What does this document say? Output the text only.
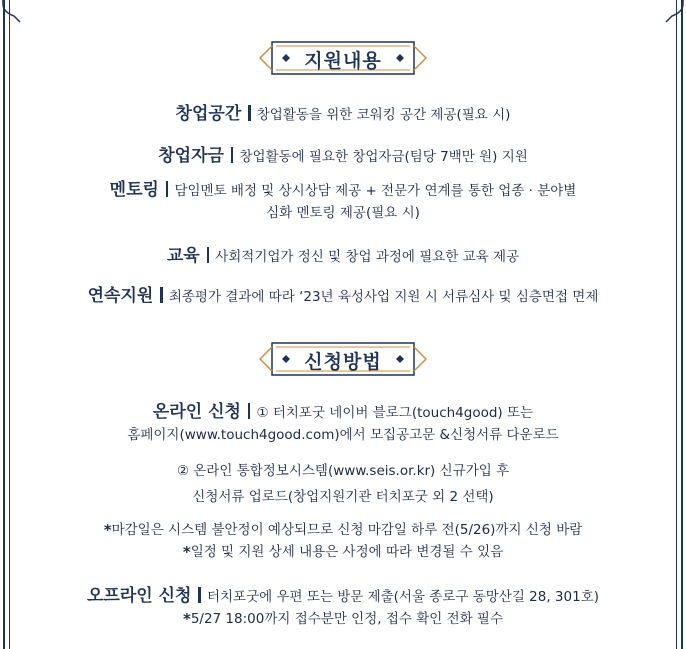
지원내용
창업공간 창업활동을 위한 코워킹 공간 제공(필요 시)
창업자금 창업활동에 필요한 창업자금(팀당 7백만 원) 지원
멘토링 담임멘토 배정 및 상시상담 제공 + 전문가 연계를 통한 업종 · 분야별
심화 멘토링 제공(필요 시)
교육 사회적기업가 정신 및 창업 과정에 필요한 교육 제공
연속지원 최종평가 결과에 따라 ‘23년 육성사업 지원 시 서류심사 및 심층면접 면제
신청방법
온라인 신청 ① 터치포굿 네이버 블로그(touch4good) 또는
홈페이지(www.touch4good.com)에서 모집공고문 &신청서류 다운로드
② 온라인 통합정보시스템(www.seis.or.kr) 신규가입 후
신청서류 업로드(창업지원기관 터치포굿 외 2 선택)
*마감일은 시스템 불안정이 예상되므로 신청 마감일 하루 전(5/26)까지 신청 바람
*일정 및 지원 상세 내용은 사정에 따라 변경될 수 있음
오프라인 신청 터치포굿에 우편 또는 방문 제출(서울 종로구 동망산길 28, 301호)
*5/27 18:00까지 접수분만 인정, 접수 확인 전화 필수
